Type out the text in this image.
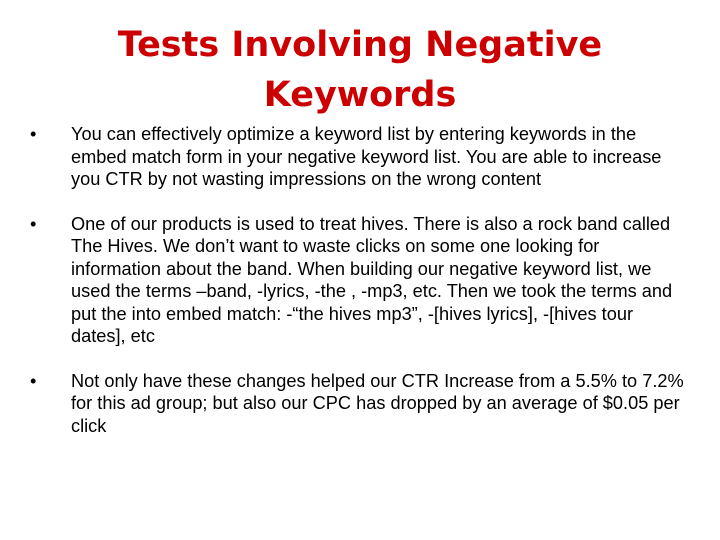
Tests Involving Negative
Keywords
•	You can effectively optimize a keyword list by entering keywords in the embed match form in your negative keyword list. You are able to increase you CTR by not wasting impressions on the wrong content
•	One of our products is used to treat hives. There is also a rock band called The Hives. We don’t want to waste clicks on some one looking for information about the band. When building our negative keyword list, we used the terms –band, -lyrics, -the , -mp3, etc. Then we took the terms and put the into embed match: -“the hives mp3”, -[hives lyrics], -[hives tour dates], etc
•	Not only have these changes helped our CTR Increase from a 5.5% to 7.2% for this ad group; but also our CPC has dropped by an average of $0.05 per click
